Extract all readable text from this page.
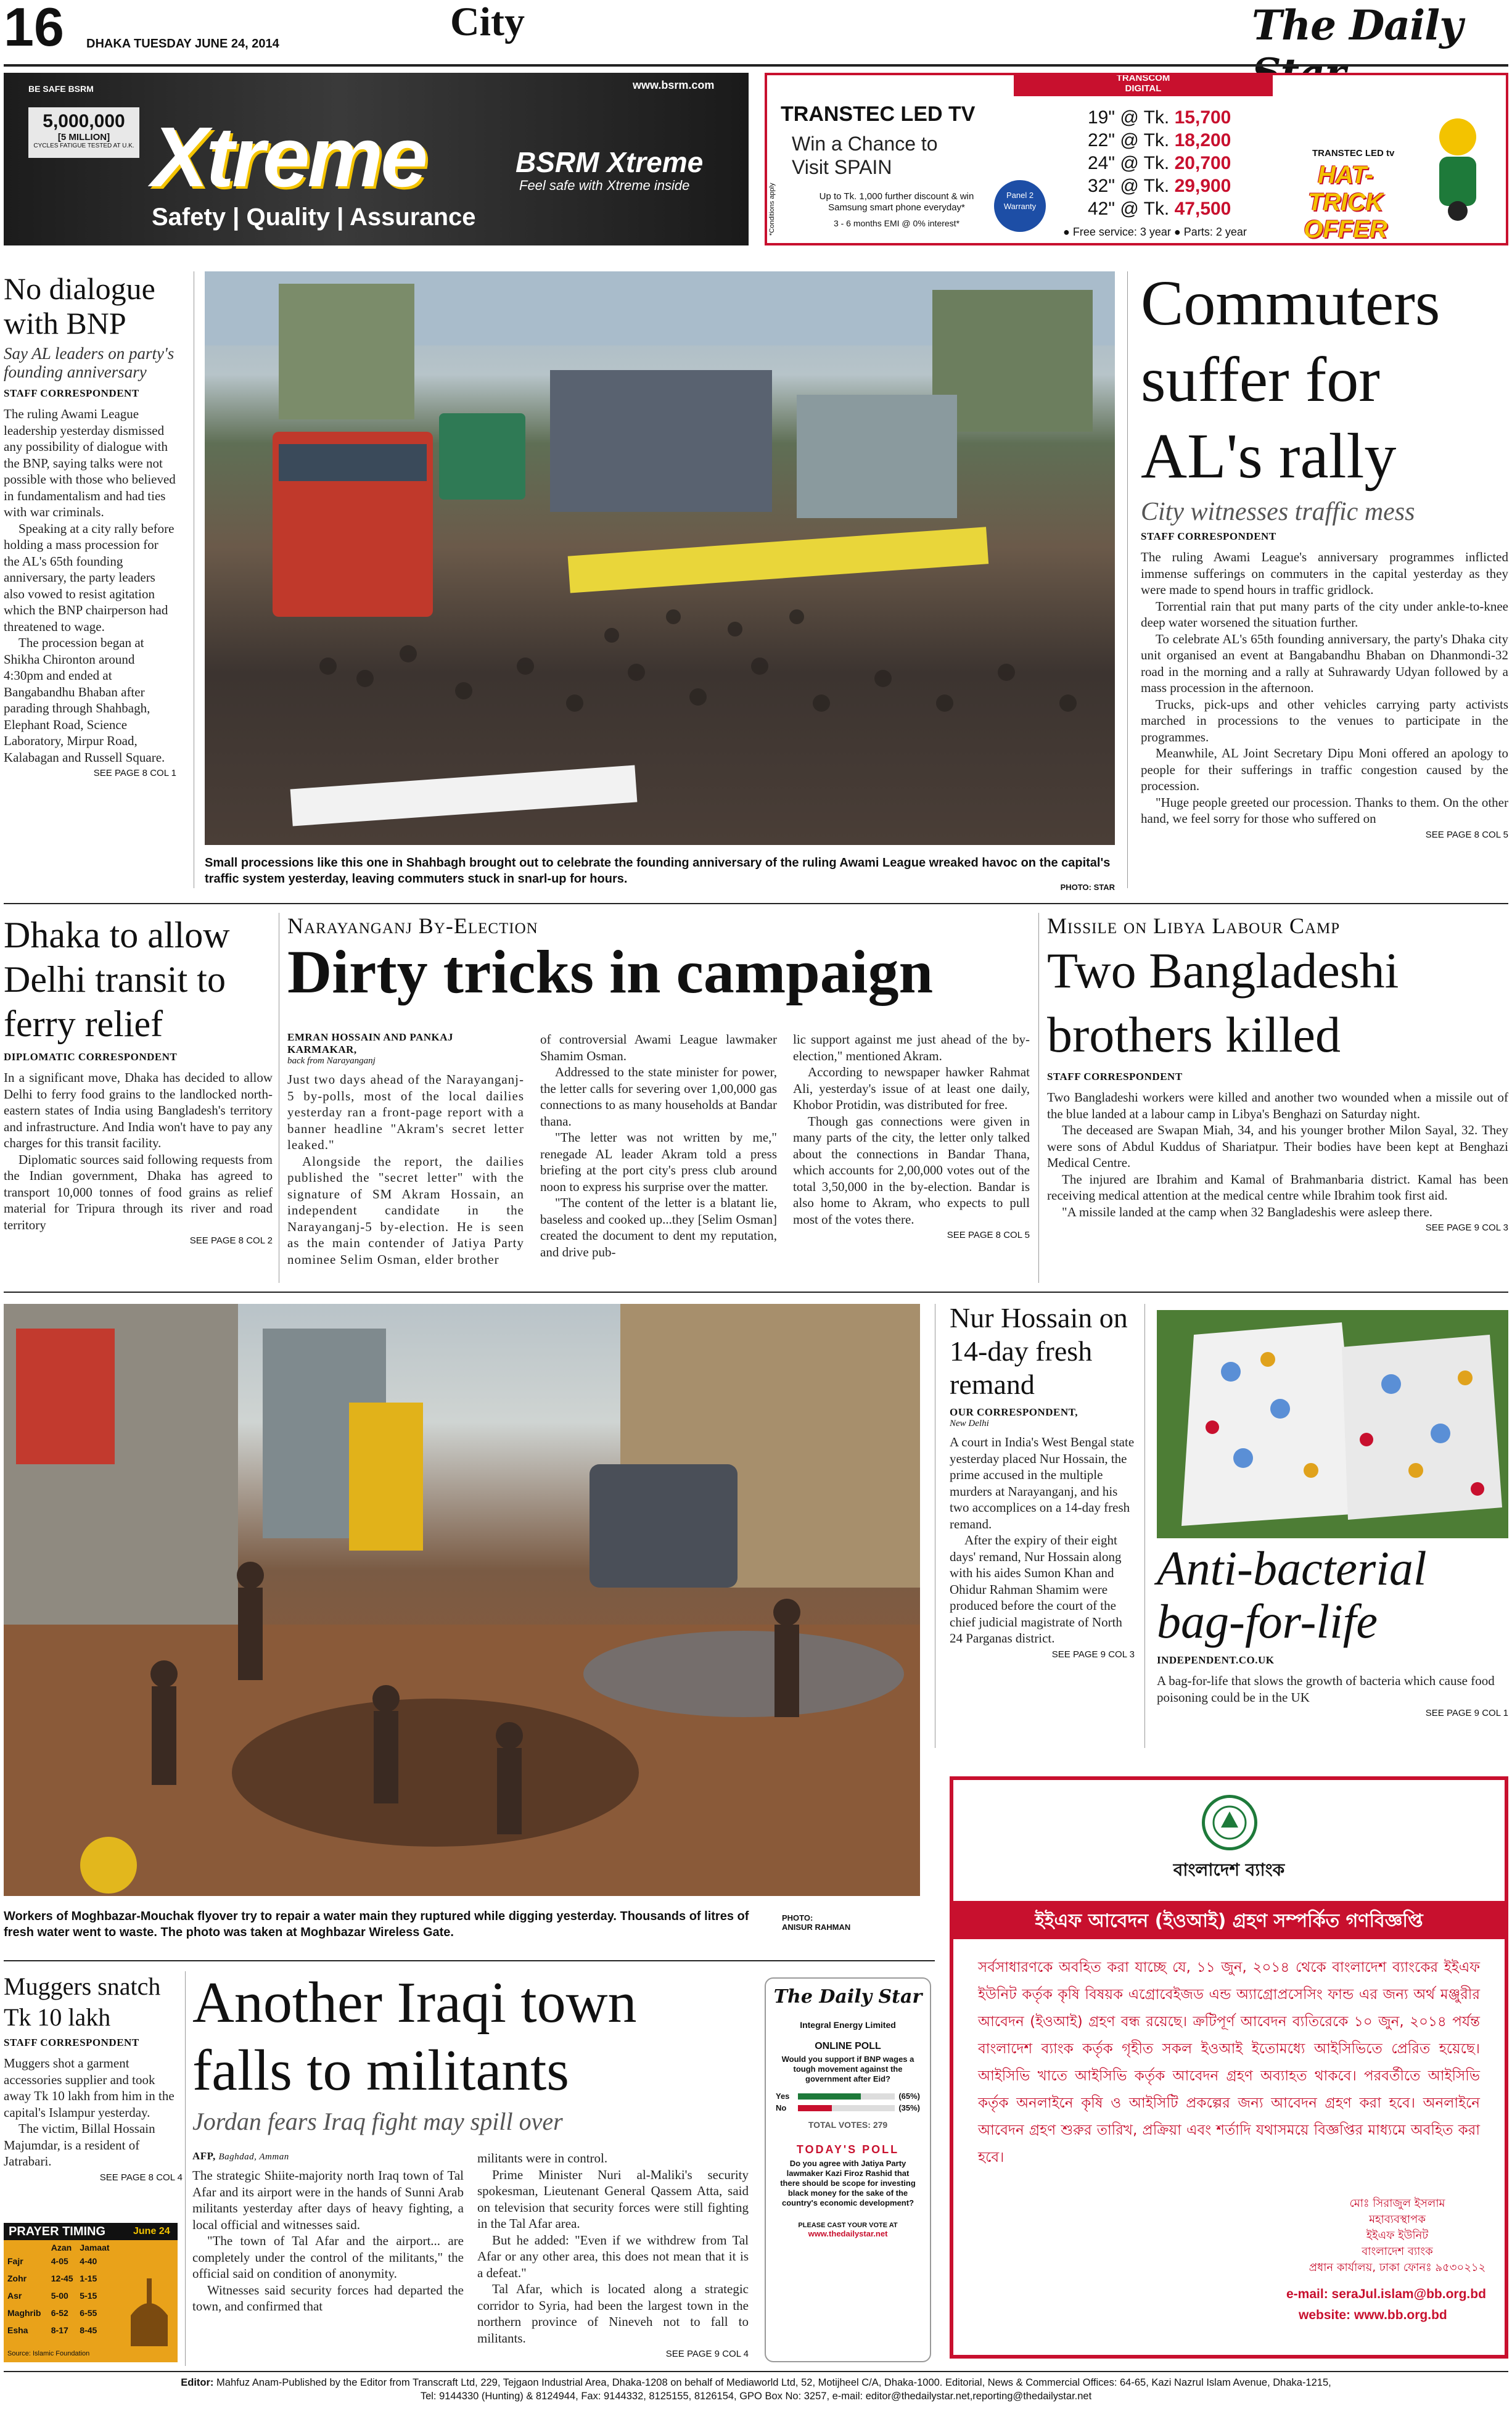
16 DHAKA TUESDAY JUNE 24, 2014	City	The Daily
BE SAFE BSRM
5,000,000
[5 MILLION]
CYCLES FATIGUE TESTED AT U.K. Xtreme
Safety | Quality | Assurance
www.bsrm.com
BSRM Xtreme
Feel safe with Xtreme inside
TRANSCOM
DIGITAL
TRANSTEC LED TV
Win a Chance to Visit SPAIN
Up to Tk. 1,000 further discount & win Samsung smart phone everyday*
3 - 6 months EMI @ 0% interest*
*Conditions apply	Panel 2 Warranty
19" @ Tk. 15,700
22" @ Tk. 18,200
24" @ Tk. 20,700
32" @ Tk. 29,900
42" @ Tk. 47,500
● Free service: 3 year ● Parts: 2 year
TRANSTEC LED tv
HAT-TRICK OFFER
No dialogue with BNP
Say AL leaders on party's founding anniversary
STAFF CORRESPONDENT

The ruling Awami League leadership yesterday dismissed any possibility of dialogue with the BNP, saying talks were not possible with those who believed in fundamentalism and had ties with war criminals.

Speaking at a city rally before holding a mass procession for the AL's 65th founding anniversary, the party leaders also vowed to resist agitation which the BNP chairperson had threatened to wage.

The procession began at Shikha Chironton around 4:30pm and ended at Bangabandhu Bhaban after parading through Shahbagh, Elephant Road, Science Laboratory, Mirpur Road, Kalabagan and Russell Square.

SEE PAGE 8 COL 1
Small processions like this one in Shahbagh brought out to celebrate the founding anniversary of the ruling Awami League wreaked havoc on the capital's traffic system yesterday, leaving commuters stuck in snarl-up for hours.
PHOTO: STAR
Commuters suffer for AL's rally
City witnesses traffic mess
STAFF CORRESPONDENT

The ruling Awami League's anniversary programmes inflicted immense sufferings on commuters in the capital yesterday as they were made to spend hours in traffic gridlock.

Torrential rain that put many parts of the city under ankle-to-knee deep water worsened the situation further.

To celebrate AL's 65th founding anniversary, the party's Dhaka city unit organised an event at Bangabandhu Bhaban on Dhanmondi-32 road in the morning and a rally at Suhrawardy Udyan followed by a mass procession in the afternoon.

Trucks, pick-ups and other vehicles carrying party activists marched in processions to the venues to participate in the programmes.

Meanwhile, AL Joint Secretary Dipu Moni offered an apology to people for their sufferings in traffic congestion caused by the procession.

"Huge people greeted our procession. Thanks to them. On the other hand, we feel sorry for those who suffered on

SEE PAGE 8 COL 5
Dhaka to allow Delhi transit to ferry relief
DIPLOMATIC CORRESPONDENT

In a significant move, Dhaka has decided to allow Delhi to ferry food grains to the landlocked north-eastern states of India using Bangladesh's territory and infrastructure. And India won't have to pay any charges for this transit facility.

Diplomatic sources said following requests from the Indian government, Dhaka has agreed to transport 10,000 tonnes of food grains as relief material for Tripura through its river and road territory

SEE PAGE 8 COL 2
Narayanganj By-Election
Dirty tricks in campaign
EMRAN HOSSAIN AND PANKAJ KARMAKAR,
back from Narayanganj

Just two days ahead of the Narayanganj-5 by-polls, most of the local dailies yesterday ran a front-page report with a banner headline "Akram's secret letter leaked."

Alongside the report, the dailies published the "secret letter" with the signature of SM Akram Hossain, an independent candidate in the Narayanganj-5 by-election. He is seen as the main contender of Jatiya Party nominee Selim Osman, elder brother

of controversial Awami League lawmaker Shamim Osman.

Addressed to the state minister for power, the letter calls for severing over 1,00,000 gas connections to as many households at Bandar thana.

"The letter was not written by me," renegade AL leader Akram told a press briefing at the port city's press club around noon to express his surprise over the matter.

"The content of the letter is a blatant lie, baseless and cooked up...they [Selim Osman] created the document to dent my reputation, and drive pub-

lic support against me just ahead of the by-election," mentioned Akram.

According to newspaper hawker Rahmat Ali, yesterday's issue of at least one daily, Khobor Protidin, was distributed for free.

Though gas connections were given in many parts of the city, the letter only talked about the connections in Bandar Thana, which accounts for 2,00,000 votes out of the total 3,50,000 in the by-election. Bandar is also home to Akram, who expects to pull most of the votes there.

SEE PAGE 8 COL 5
Missile on Libya Labour Camp
Two Bangladeshi brothers killed
STAFF CORRESPONDENT

Two Bangladeshi workers were killed and another two wounded when a missile out of the blue landed at a labour camp in Libya's Benghazi on Saturday night.

The deceased are Swapan Miah, 34, and his younger brother Milon Sayal, 32. They were sons of Abdul Kuddus of Shariatpur. Their bodies have been kept at Benghazi Medical Centre.

The injured are Ibrahim and Kamal of Brahmanbaria district. Kamal has been receiving medical attention at the medical centre while Ibrahim took first aid.

"A missile landed at the camp when 32 Bangladeshis were asleep there.

SEE PAGE 9 COL 3
Workers of Moghbazar-Mouchak flyover try to repair a water main they ruptured while digging yesterday. Thousands of litres of fresh water went to waste. The photo was taken at Moghbazar Wireless Gate.
PHOTO:
ANISUR RAHMAN
Nur Hossain on 14-day fresh remand
OUR CORRESPONDENT,
New Delhi

A court in India's West Bengal state yesterday placed Nur Hossain, the prime accused in the multiple murders at Narayanganj, and his two accomplices on a 14-day fresh remand.

After the expiry of their eight days' remand, Nur Hossain along with his aides Sumon Khan and Ohidur Rahman Shamim were produced before the court of the chief judicial magistrate of North 24 Parganas district.

SEE PAGE 9 COL 3
Anti-bacterial bag-for-life
INDEPENDENT.CO.UK

A bag-for-life that slows the growth of bacteria which cause food poisoning could be in the UK

SEE PAGE 9 COL 1
বাংলাদেশ ব্যাংক
ইইএফ আবেদন (ইওআই) গ্রহণ সম্পর্কিত গণবিজ্ঞপ্তি
সর্বসাধারণকে অবহিত করা যাচ্ছে যে, ১১ জুন, ২০১৪ থেকে বাংলাদেশ ব্যাংকের ইইএফ ইউনিট কর্তৃক কৃষি বিষয়ক এগ্রোবেইজড এন্ড অ্যাগ্রোপ্রসেসিং ফান্ড এর জন্য অর্থ মঞ্জুরীর আবেদন (ইওআই) গ্রহণ বন্ধ রয়েছে। ক্রটিপূর্ণ আবেদন ব্যতিরেকে ১০ জুন, ২০১৪ পর্যন্ত বাংলাদেশ ব্যাংক কর্তৃক গৃহীত সকল ইওআই ইতোমধ্যে আইসিভিতে প্রেরিত হয়েছে। আইসিভি খাতে আইসিভি কর্তৃক আবেদন গ্রহণ অব্যাহত থাকবে। পরবর্তীতে আইসিভি কর্তৃক অনলাইনে কৃষি ও আইসিটি প্রকল্পের জন্য আবেদন গ্রহণ করা হবে। অনলাইনে আবেদন গ্রহণ শুরুর তারিখ, প্রক্রিয়া এবং শর্তাদি যথাসময়ে বিজ্ঞপ্তির মাধ্যমে অবহিত করা হবে।
মোঃ সিরাজুল ইসলাম
মহাব্যবস্থাপক
ইইএফ ইউনিট
বাংলাদেশ ব্যাংক
প্রধান কার্যালয়, ঢাকা ফোনঃ ৯৫৩০২১২
e-mail: seraJul.islam@bb.org.bd
website: www.bb.org.bd
Muggers snatch Tk 10 lakh
STAFF CORRESPONDENT

Muggers shot a garment accessories supplier and took away Tk 10 lakh from him in the capital's Islampur yesterday.

The victim, Billal Hossain Majumdar, is a resident of Jatrabari.

SEE PAGE 8 COL 4
PRAYER TIMING	June 24
	Azan	Jamaat
Fajr	4-05	4-40
Zohr	12-45	1-15
Asr	5-00	5-15
Maghrib	6-52	6-55
Esha	8-17	8-45
Source: Islamic Foundation
Another Iraqi town falls to militants
Jordan fears Iraq fight may spill over
AFP, Baghdad, Amman

The strategic Shiite-majority north Iraq town of Tal Afar and its airport were in the hands of Sunni Arab militants yesterday after days of heavy fighting, a local official and witnesses said.

"The town of Tal Afar and the airport... are completely under the control of the militants," the official said on condition of anonymity.

Witnesses said security forces had departed the town, and confirmed that

militants were in control.

Prime Minister Nuri al-Maliki's security spokesman, Lieutenant General Qassem Atta, said on television that security forces were still fighting in the Tal Afar area.

But he added: "Even if we withdrew from Tal Afar or any other area, this does not mean that it is a defeat."

Tal Afar, which is located along a strategic corridor to Syria, had been the largest town in the northern province of Nineveh not to fall to militants.

SEE PAGE 9 COL 4
The Daily Star
Integral Energy Limited
ONLINE POLL
Would you support if BNP wages a tough movement against the government after Eid?
Yes	(65%)
No	(35%)
TOTAL VOTES: 279
TODAY'S POLL
Do you agree with Jatiya Party lawmaker Kazi Firoz Rashid that there should be scope for investing black money for the sake of the country's economic development?
PLEASE CAST YOUR VOTE AT
www.thedailystar.net
Editor: Mahfuz Anam-Published by the Editor from Transcraft Ltd, 229, Tejgaon Industrial Area, Dhaka-1208 on behalf of Mediaworld Ltd, 52, Motijheel C/A, Dhaka-1000. Editorial, News & Commercial Offices: 64-65, Kazi Nazrul Islam Avenue, Dhaka-1215,
Tel: 9144330 (Hunting) & 8124944, Fax: 9144332, 8125155, 8126154, GPO Box No: 3257, e-mail: editor@thedailystar.net,reporting@thedailystar.net
